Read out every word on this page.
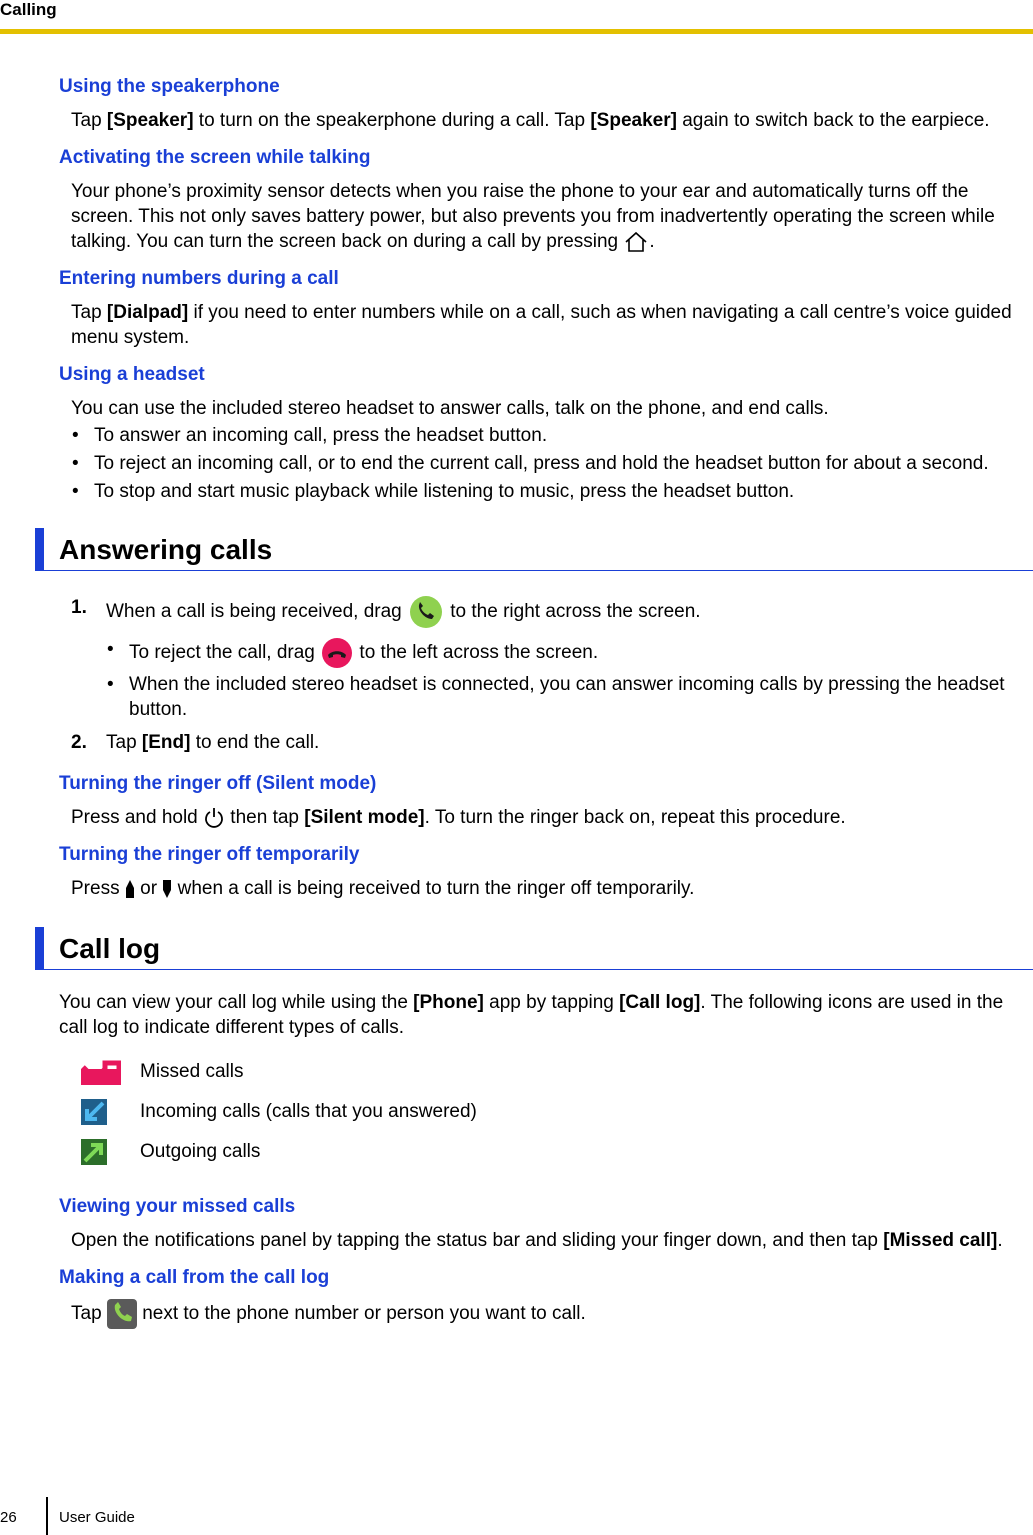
Calling
Using the speakerphone

Tap [Speaker] to turn on the speakerphone during a call. Tap [Speaker] again to switch back to the earpiece.

Activating the screen while talking

Your phone’s proximity sensor detects when you raise the phone to your ear and automatically turns off the screen. This not only saves battery power, but also prevents you from inadvertently operating the screen while talking. You can turn the screen back on during a call by pressing .

Entering numbers during a call

Tap [Dialpad] if you need to enter numbers while on a call, such as when navigating a call centre’s voice guided menu system.

Using a headset

You can use the included stereo headset to answer calls, talk on the phone, and end calls.

• To answer an incoming call, press the headset button.
• To reject an incoming call, or to end the current call, press and hold the headset button for about a second.
• To stop and start music playback while listening to music, press the headset button.
Answering calls
1. When a call is being received, drag  to the right across the screen.
• To reject the call, drag  to the left across the screen.
• When the included stereo headset is connected, you can answer incoming calls by pressing the headset button.
2. Tap [End] to end the call.
Turning the ringer off (Silent mode)

Press and hold  then tap [Silent mode]. To turn the ringer back on, repeat this procedure.

Turning the ringer off temporarily

Press  or  when a call is being received to turn the ringer off temporarily.

Call log

You can view your call log while using the [Phone] app by tapping [Call log]. The following icons are used in the call log to indicate different types of calls.

Missed calls
Incoming calls (calls that you answered)
Outgoing calls
Viewing your missed calls

Open the notifications panel by tapping the status bar and sliding your finger down, and then tap [Missed call].

Making a call from the call log

Tap  next to the phone number or person you want to call.

26	User Guide
